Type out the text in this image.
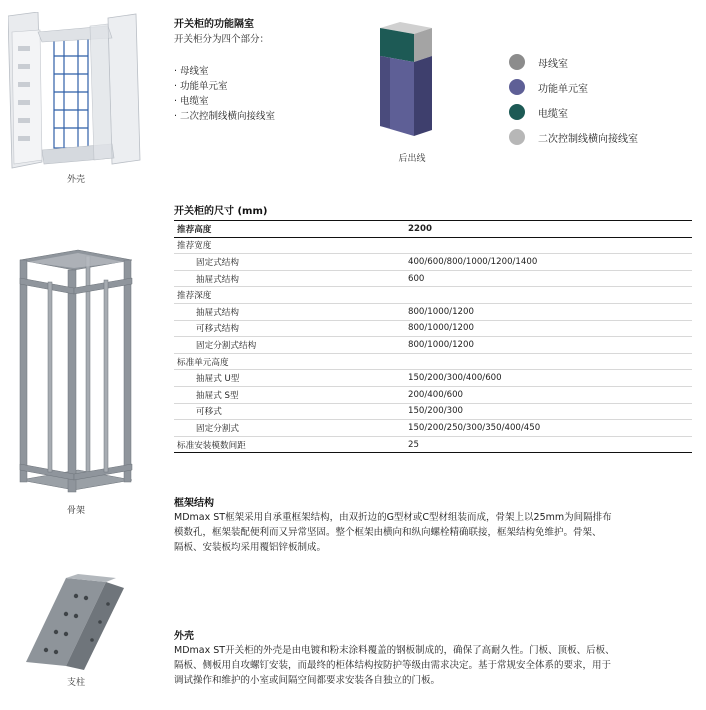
外壳
开关柜的功能隔室
开关柜分为四个部分：
· 母线室
· 功能单元室
· 电缆室
· 二次控制线横向接线室
后出线
母线室
功能单元室
电缆室
二次控制线横向接线室
骨架
开关柜的尺寸 (mm)
推荐高度	2200
推荐宽度	
固定式结构	400/600/800/1000/1200/1400
抽屉式结构	600
推荐深度	
抽屉式结构	800/1000/1200
可移式结构	800/1000/1200
固定分割式结构	800/1000/1200
标准单元高度	
抽屉式 U型	150/200/300/400/600
抽屉式 S型	200/400/600
可移式	150/200/300
固定分割式	150/200/250/300/350/400/450
标准安装模数间距	25
框架结构
MDmax ST框架采用自承重框架结构，由双折边的G型材或C型材组装而成，骨架上以25mm为间隔排布
模数孔，框架装配便利而又异常坚固。整个框架由横向和纵向螺栓精确联接，框架结构免维护。骨架、
隔板、安装板均采用覆铝锌板制成。
支柱
外壳
MDmax ST开关柜的外壳是由电镀和粉末涂料覆盖的钢板制成的，确保了高耐久性。门板、顶板、后板、
隔板、侧板用自攻螺钉安装，而最终的柜体结构按防护等级由需求决定。基于常规安全体系的要求，用于
调试操作和维护的小室或间隔空间都要求安装各自独立的门板。
